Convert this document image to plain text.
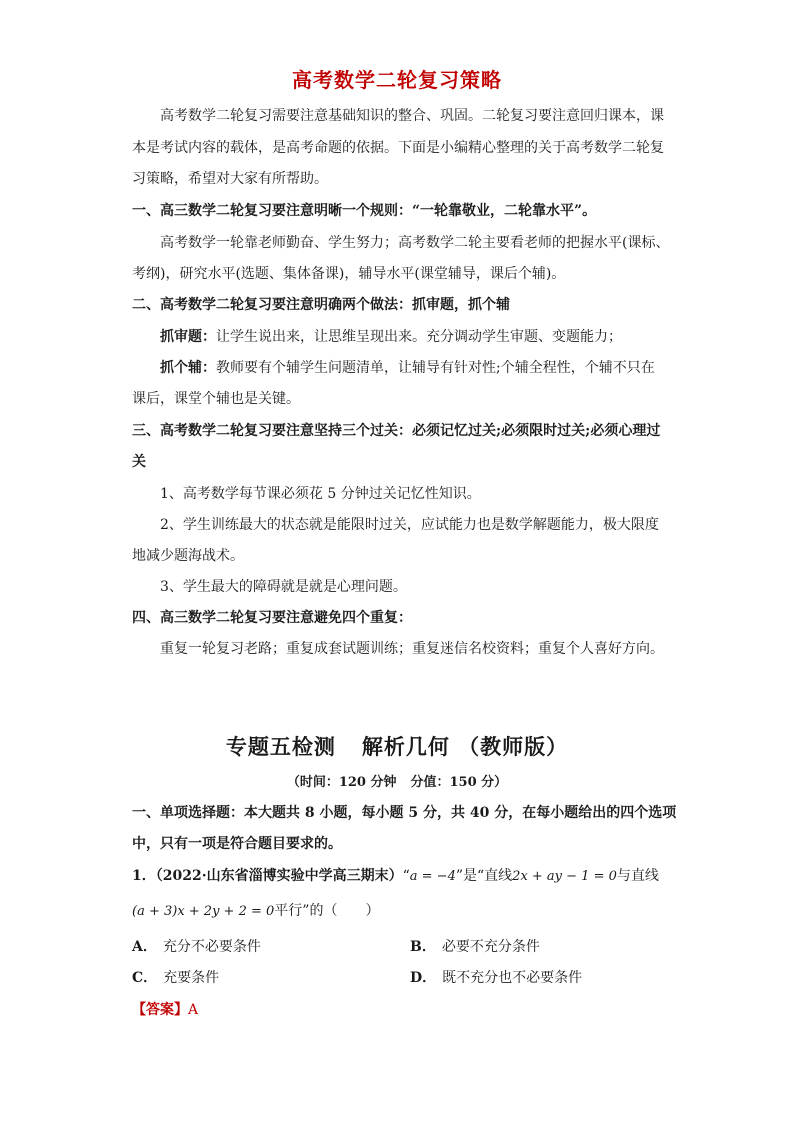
高考数学二轮复习策略
高考数学二轮复习需要注意基础知识的整合、巩固。二轮复习要注意回归课本，课
本是考试内容的载体，是高考命题的依据。下面是小编精心整理的关于高考数学二轮复
习策略，希望对大家有所帮助。
一、高三数学二轮复习要注意明晰一个规则：“一轮靠敬业，二轮靠水平”。
高考数学一轮靠老师勤奋、学生努力；高考数学二轮主要看老师的把握水平(课标、
考纲)，研究水平(选题、集体备课)，辅导水平(课堂辅导，课后个辅)。
二、高考数学二轮复习要注意明确两个做法：抓审题，抓个辅
抓审题：让学生说出来，让思维呈现出来。充分调动学生审题、变题能力；
抓个辅：教师要有个辅学生问题清单，让辅导有针对性;个辅全程性，个辅不只在
课后，课堂个辅也是关键。
三、高考数学二轮复习要注意坚持三个过关：必须记忆过关;必须限时过关;必须心理过
关
1、高考数学每节课必须花 5 分钟过关记忆性知识。
2、学生训练最大的状态就是能限时过关，应试能力也是数学解题能力，极大限度
地减少题海战术。
3、学生最大的障碍就是就是心理问题。
四、高三数学二轮复习要注意避免四个重复：
重复一轮复习老路；重复成套试题训练；重复迷信名校资料；重复个人喜好方向。
专题五检测 解析几何 （教师版）
（时间：120 分钟 分值：150 分）
一、单项选择题：本大题共 8 小题，每小题 5 分，共 40 分，在每小题给出的四个选项
中，只有一项是符合题目要求的。
1．（2022·山东省淄博实验中学高三期末）“a = −4”是“直线2x + ay − 1 = 0与直线
(a + 3)x + 2y + 2 = 0平行”的（　　）
A． 充分不必要条件	B． 必要不充分条件
C． 充要条件	D． 既不充分也不必要条件
【答案】A
